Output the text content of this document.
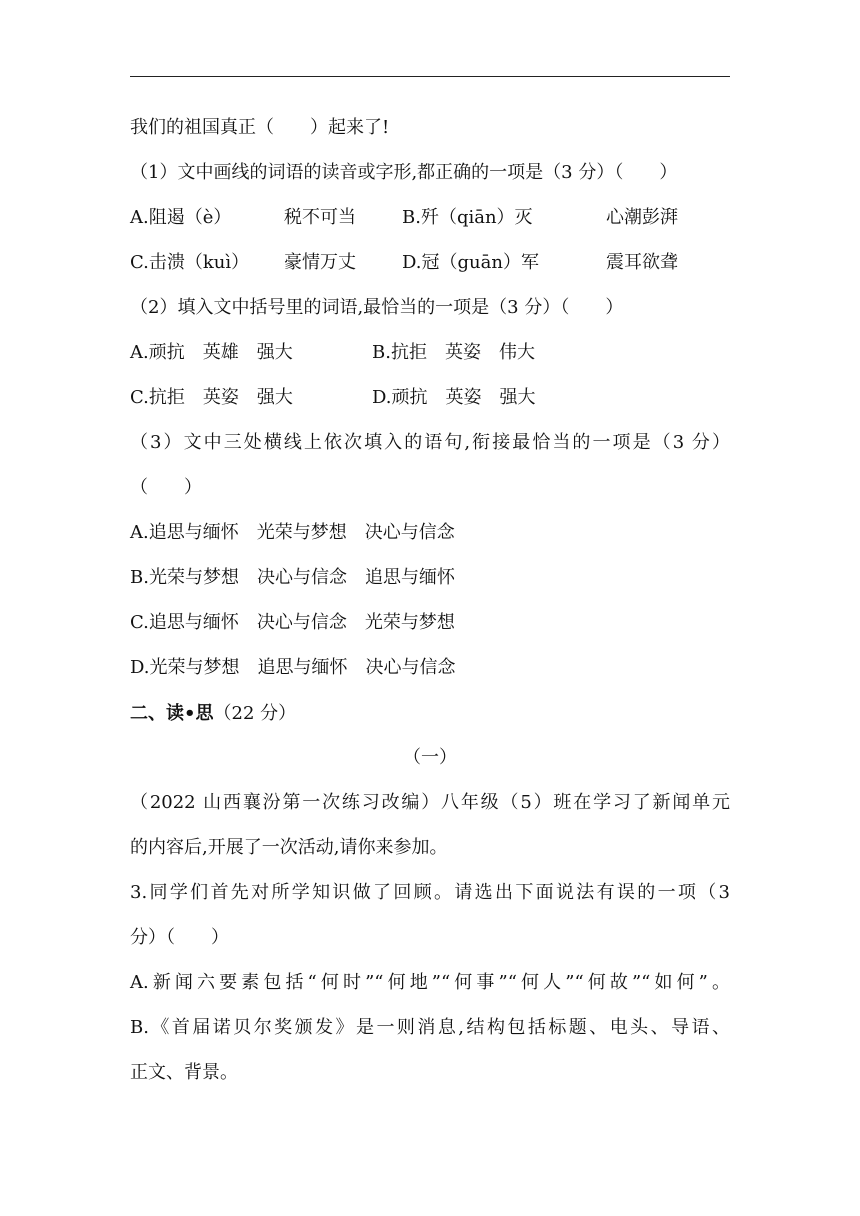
我们的祖国真正（　　）起来了!
（1）文中画线的词语的读音或字形,都正确的一项是（3 分）（　　）
A.阻遏（è）	税不可当	B.歼（qiān）灭	心潮彭湃
C.击溃（kuì） 豪情万丈	D.冠（guān）军	震耳欲聋
（2）填入文中括号里的词语,最恰当的一项是（3 分）（　　）
A.顽抗　英雄　强大	B.抗拒　英姿　伟大
C.抗拒　英姿　强大	D.顽抗　英姿　强大
（3）文中三处横线上依次填入的语句,衔接最恰当的一项是（3 分）
（　　）
A.追思与缅怀　光荣与梦想　决心与信念
B.光荣与梦想　决心与信念　追思与缅怀
C.追思与缅怀　决心与信念　光荣与梦想
D.光荣与梦想　追思与缅怀　决心与信念
二、读•思（22 分）
（一）
（2022 山西襄汾第一次练习改编）八年级（5）班在学习了新闻单元
的内容后,开展了一次活动,请你来参加。
3.同学们首先对所学知识做了回顾。请选出下面说法有误的一项（3
分）（　　）
A.新闻六要素包括“何时”“何地”“何事”“何人”“何故”“如何”。
B.《首届诺贝尔奖颁发》是一则消息,结构包括标题、电头、导语、
正文、背景。
